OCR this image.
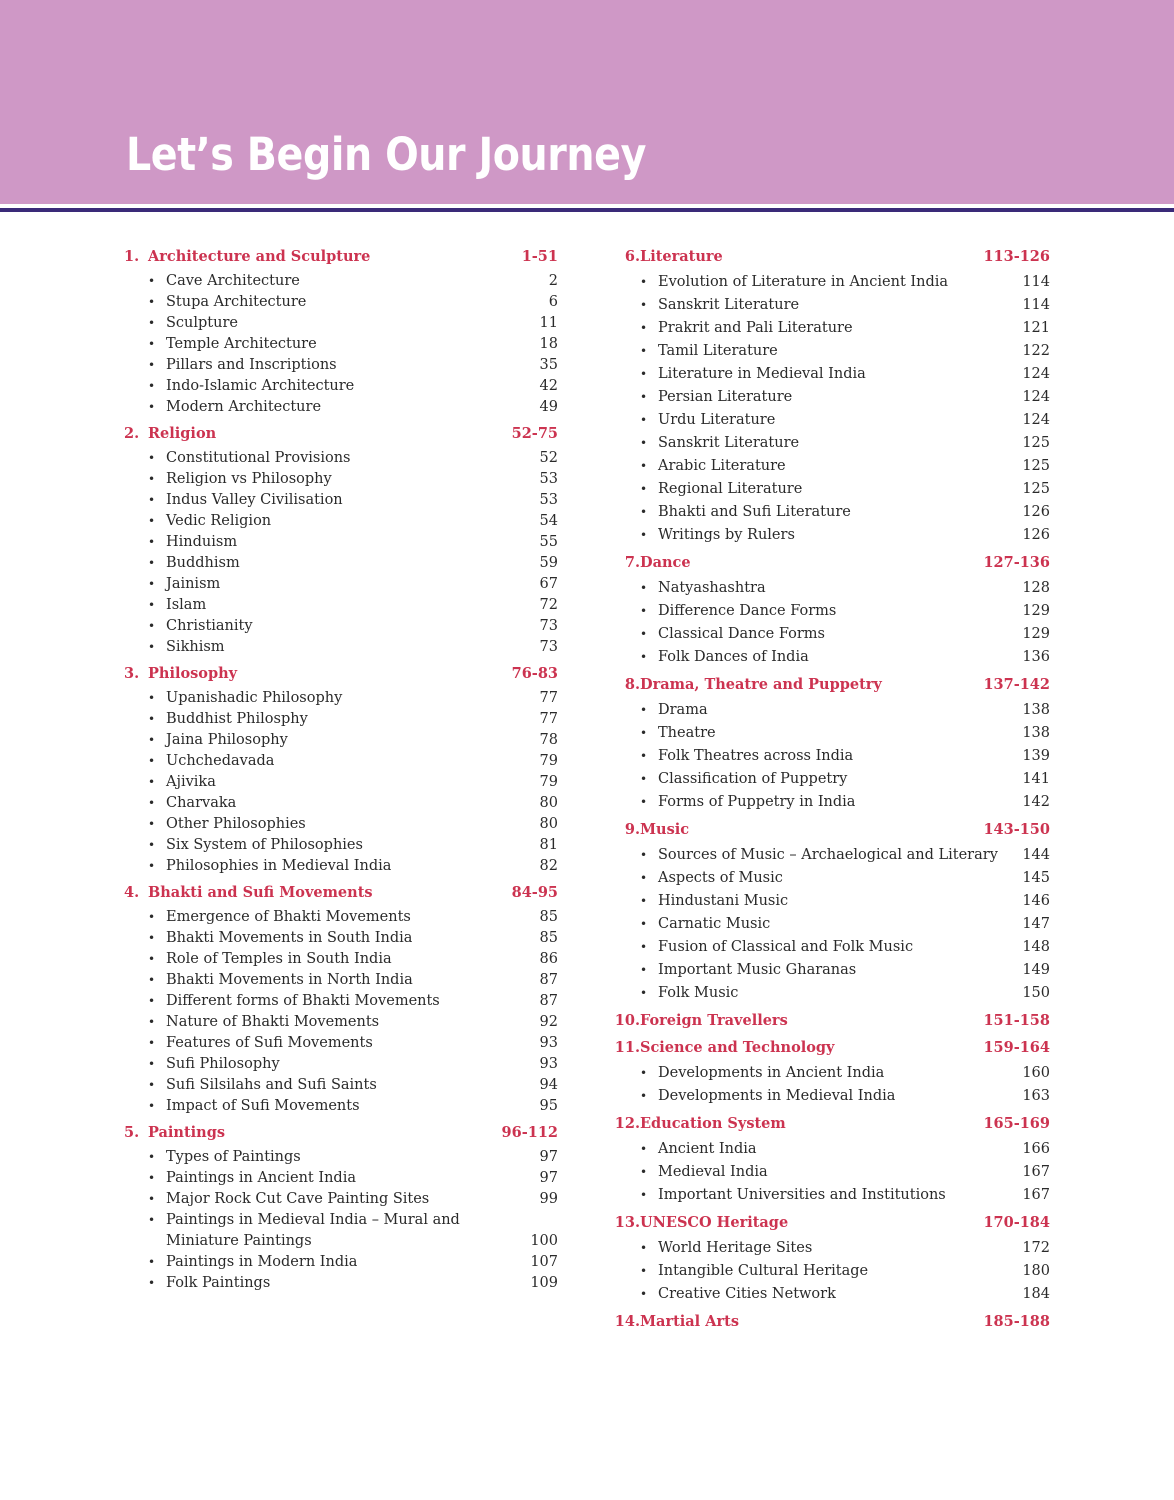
Let’s Begin Our Journey
1. Architecture and Sculpture	1-51
• Cave Architecture	2
• Stupa Architecture	6
• Sculpture	11
• Temple Architecture	18
• Pillars and Inscriptions	35
• Indo-Islamic Architecture	42
• Modern Architecture	49
2. Religion	52-75
• Constitutional Provisions	52
• Religion vs Philosophy	53
• Indus Valley Civilisation	53
• Vedic Religion	54
• Hinduism	55
• Buddhism	59
• Jainism	67
• Islam	72
• Christianity	73
• Sikhism	73
3. Philosophy	76-83
• Upanishadic Philosophy	77
• Buddhist Philosphy	77
• Jaina Philosophy	78
• Uchchedavada	79
• Ajivika	79
• Charvaka	80
• Other Philosophies	80
• Six System of Philosophies	81
• Philosophies in Medieval India	82
4. Bhakti and Sufi Movements	84-95
• Emergence of Bhakti Movements	85
• Bhakti Movements in South India	85
• Role of Temples in South India	86
• Bhakti Movements in North India	87
• Different forms of Bhakti Movements	87
• Nature of Bhakti Movements	92
• Features of Sufi Movements	93
• Sufi Philosophy	93
• Sufi Silsilahs and Sufi Saints	94
• Impact of Sufi Movements	95
5. Paintings	96-112
• Types of Paintings	97
• Paintings in Ancient India	97
• Major Rock Cut Cave Painting Sites	99
• Paintings in Medieval India – Mural and Miniature Paintings	100
• Paintings in Modern India	107
• Folk Paintings	109
6. Literature	113-126
• Evolution of Literature in Ancient India	114
• Sanskrit Literature	114
• Prakrit and Pali Literature	121
• Tamil Literature	122
• Literature in Medieval India	124
• Persian Literature	124
• Urdu Literature	124
• Sanskrit Literature	125
• Arabic Literature	125
• Regional Literature	125
• Bhakti and Sufi Literature	126
• Writings by Rulers	126
7. Dance	127-136
• Natyashashtra	128
• Difference Dance Forms	129
• Classical Dance Forms	129
• Folk Dances of India	136
8. Drama, Theatre and Puppetry	137-142
• Drama	138
• Theatre	138
• Folk Theatres across India	139
• Classification of Puppetry	141
• Forms of Puppetry in India	142
9. Music	143-150
• Sources of Music – Archaelogical and Literary	144
• Aspects of Music	145
• Hindustani Music	146
• Carnatic Music	147
• Fusion of Classical and Folk Music	148
• Important Music Gharanas	149
• Folk Music	150
10. Foreign Travellers	151-158
11. Science and Technology	159-164
• Developments in Ancient India	160
• Developments in Medieval India	163
12. Education System	165-169
• Ancient India	166
• Medieval India	167
• Important Universities and Institutions	167
13. UNESCO Heritage	170-184
• World Heritage Sites	172
• Intangible Cultural Heritage	180
• Creative Cities Network	184
14. Martial Arts	185-188
